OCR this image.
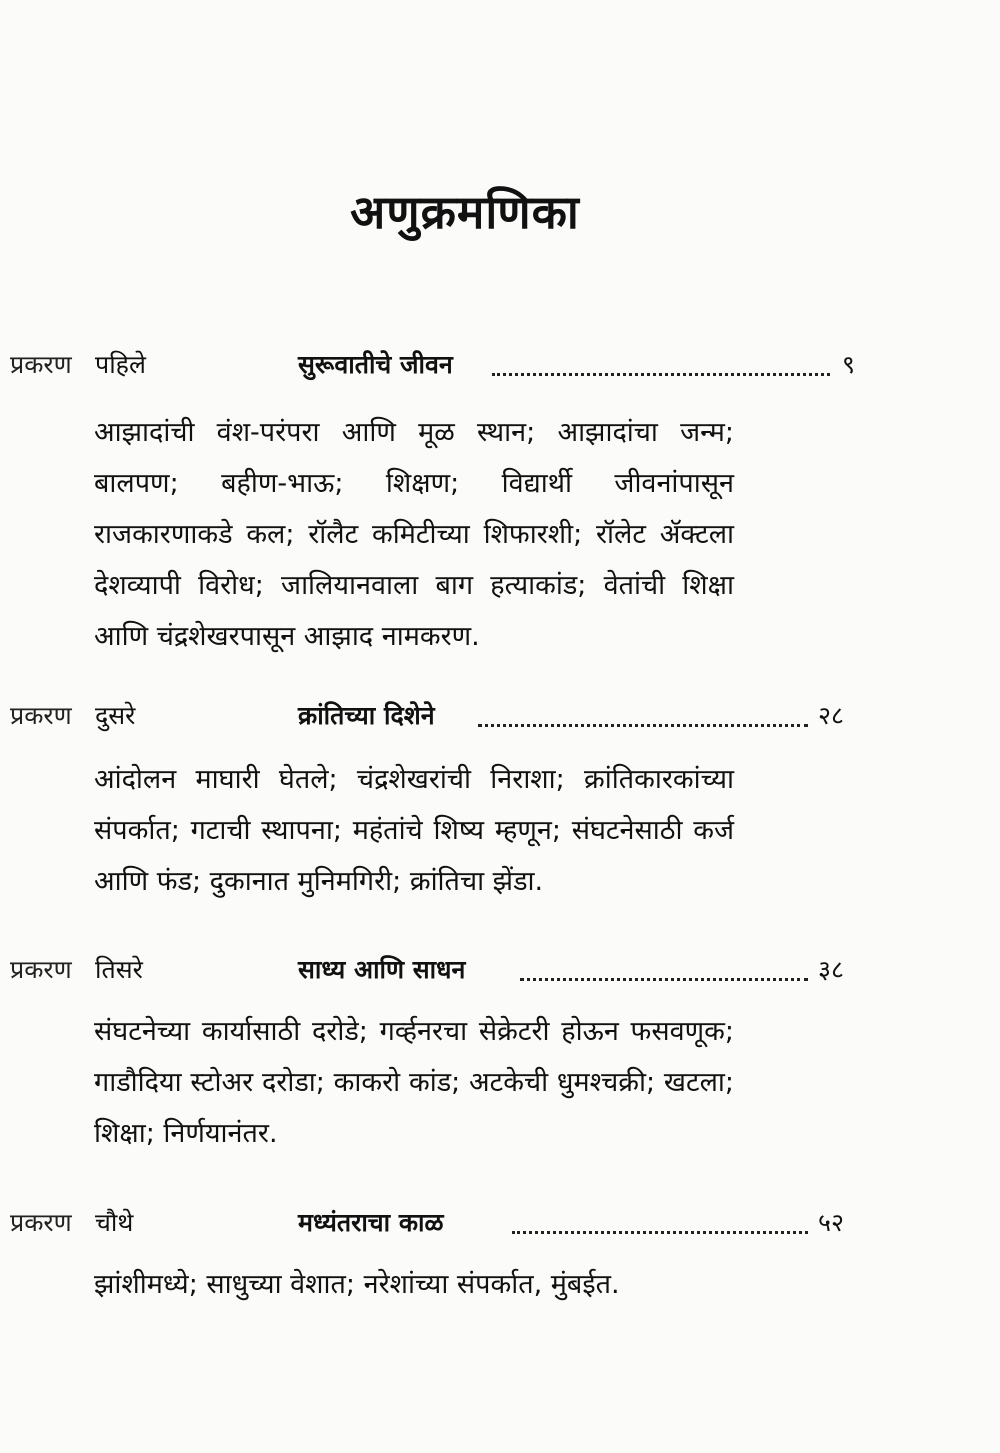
अणुक्रमणिका
प्रकरण पहिले	सुरूवातीचे जीवन	९
आझादांची वंश-परंपरा आणि मूळ स्थान; आझादांचा जन्म; बालपण; बहीण-भाऊ; शिक्षण; विद्यार्थी जीवनांपासून राजकारणाकडे कल; रॉलैट कमिटीच्या शिफारशी; रॉलेट ॲक्टला देशव्यापी विरोध; जालियानवाला बाग हत्याकांड; वेतांची शिक्षा आणि चंद्रशेखरपासून आझाद नामकरण.
प्रकरण दुसरे	क्रांतिच्या दिशेने	२८
आंदोलन माघारी घेतले; चंद्रशेखरांची निराशा; क्रांतिकारकांच्या संपर्कात; गटाची स्थापना; महंतांचे शिष्य म्हणून; संघटनेसाठी कर्ज आणि फंड; दुकानात मुनिमगिरी; क्रांतिचा झेंडा.
प्रकरण तिसरे	साध्य आणि साधन	३८
संघटनेच्या कार्यासाठी दरोडे; गर्व्हनरचा सेक्रेटरी होऊन फसवणूक; गाडौदिया स्टोअर दरोडा; काकरो कांड; अटकेची धुमश्चक्री; खटला; शिक्षा; निर्णयानंतर.
प्रकरण चौथे	मध्यंतराचा काळ	५२
झांशीमध्ये; साधुच्या वेशात; नरेशांच्या संपर्कात, मुंबईत.
